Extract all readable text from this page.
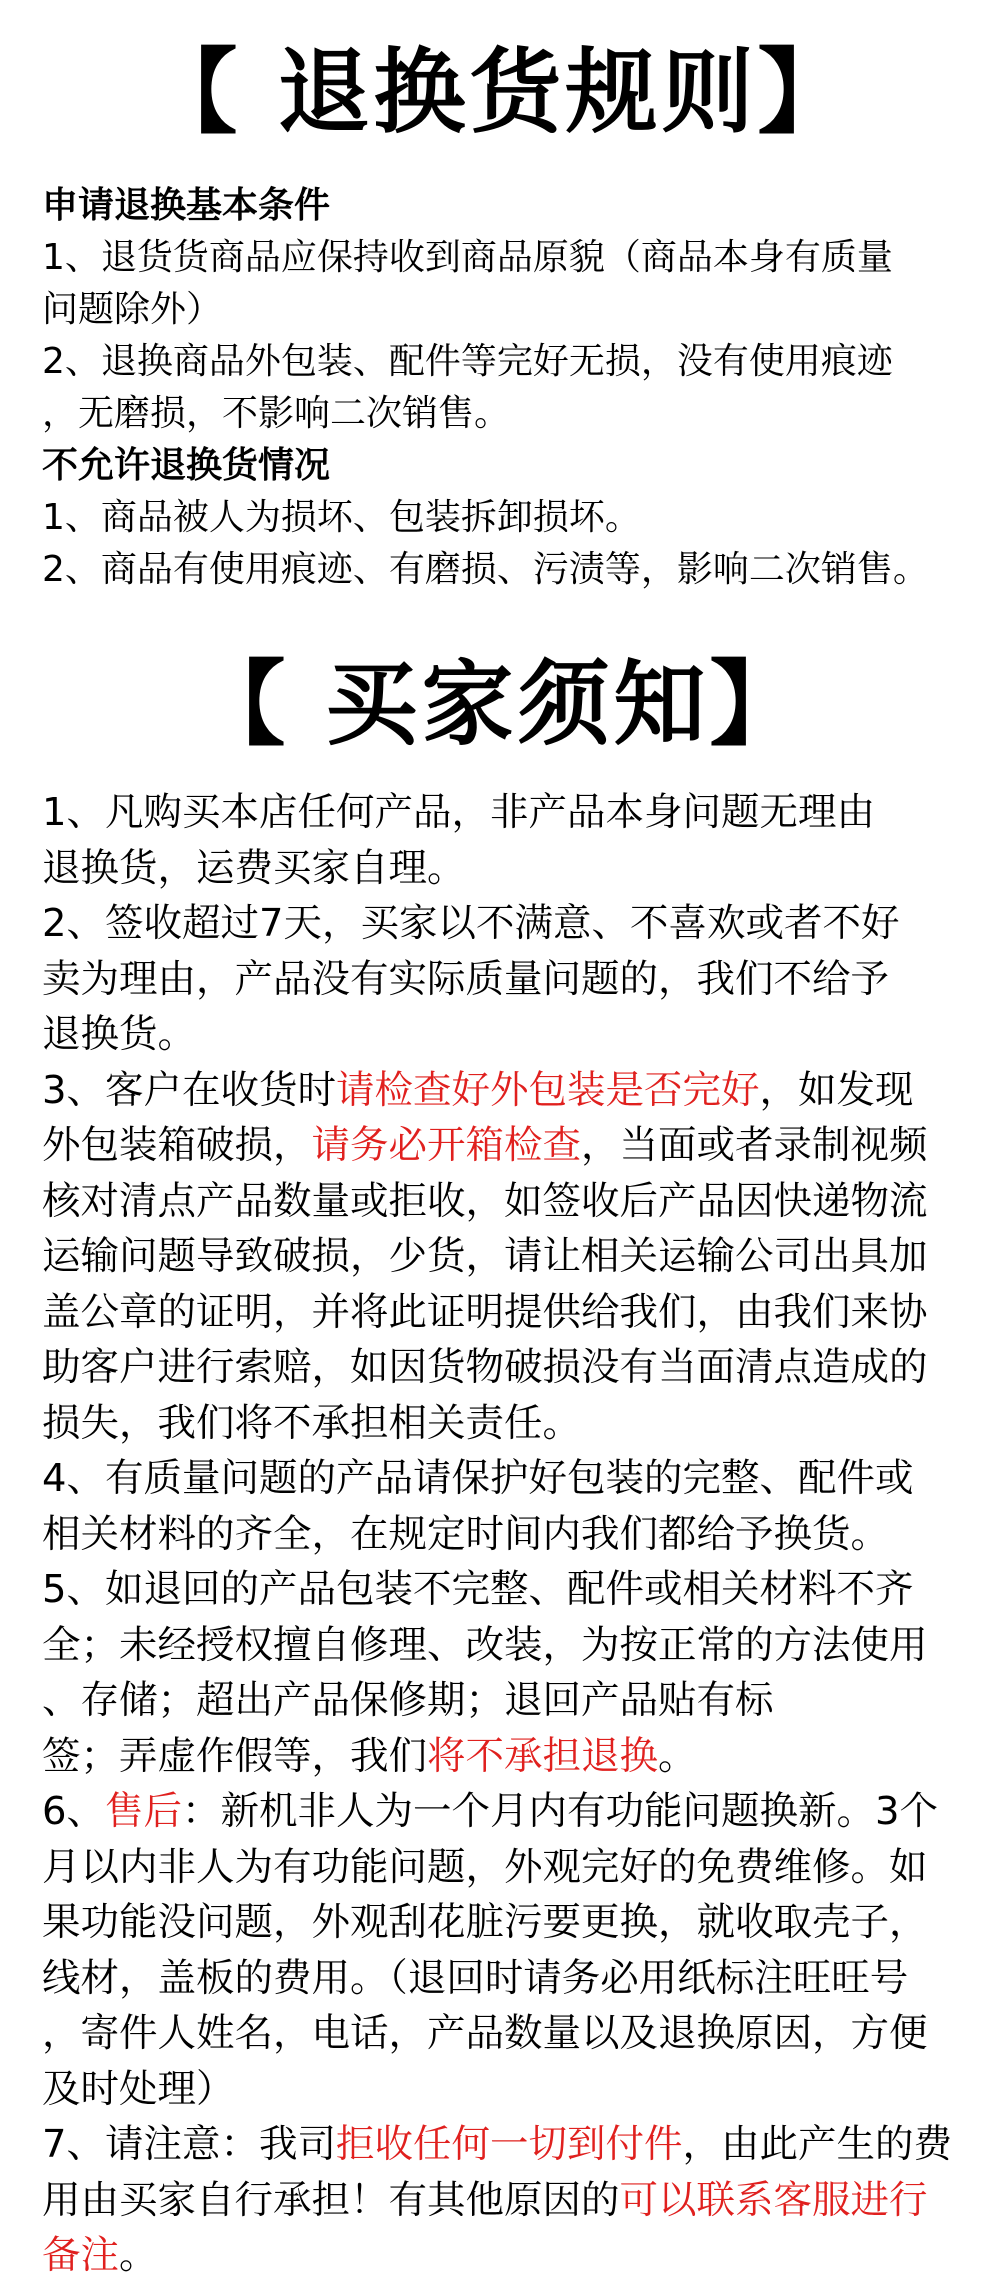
【 退换货规则】
申请退换基本条件
1、退货货商品应保持收到商品原貌（商品本身有质量
问题除外）
2、退换商品外包装、配件等完好无损，没有使用痕迹
，无磨损，不影响二次销售。
不允许退换货情况
1、商品被人为损坏、包装拆卸损坏。
2、商品有使用痕迹、有磨损、污渍等，影响二次销售。
【 买家须知】
1、凡购买本店任何产品，非产品本身问题无理由
退换货，运费买家自理。
2、签收超过7天，买家以不满意、不喜欢或者不好
卖为理由，产品没有实际质量问题的，我们不给予
退换货。
3、客户在收货时请检查好外包装是否完好，如发现
外包装箱破损，请务必开箱检查，当面或者录制视频
核对清点产品数量或拒收，如签收后产品因快递物流
运输问题导致破损，少货，请让相关运输公司出具加
盖公章的证明，并将此证明提供给我们，由我们来协
助客户进行索赔，如因货物破损没有当面清点造成的
损失，我们将不承担相关责任。
4、有质量问题的产品请保护好包装的完整、配件或
相关材料的齐全，在规定时间内我们都给予换货。
5、如退回的产品包装不完整、配件或相关材料不齐
全；未经授权擅自修理、改装，为按正常的方法使用
、存储；超出产品保修期；退回产品贴有标
签；弄虚作假等，我们将不承担退换。
6、售后：新机非人为一个月内有功能问题换新。3个
月以内非人为有功能问题，外观完好的免费维修。如
果功能没问题，外观刮花脏污要更换，就收取壳子，
线材，盖板的费用。（退回时请务必用纸标注旺旺号
，寄件人姓名，电话，产品数量以及退换原因，方便
及时处理）
7、请注意：我司拒收任何一切到付件，由此产生的费
用由买家自行承担！有其他原因的可以联系客服进行
备注。
